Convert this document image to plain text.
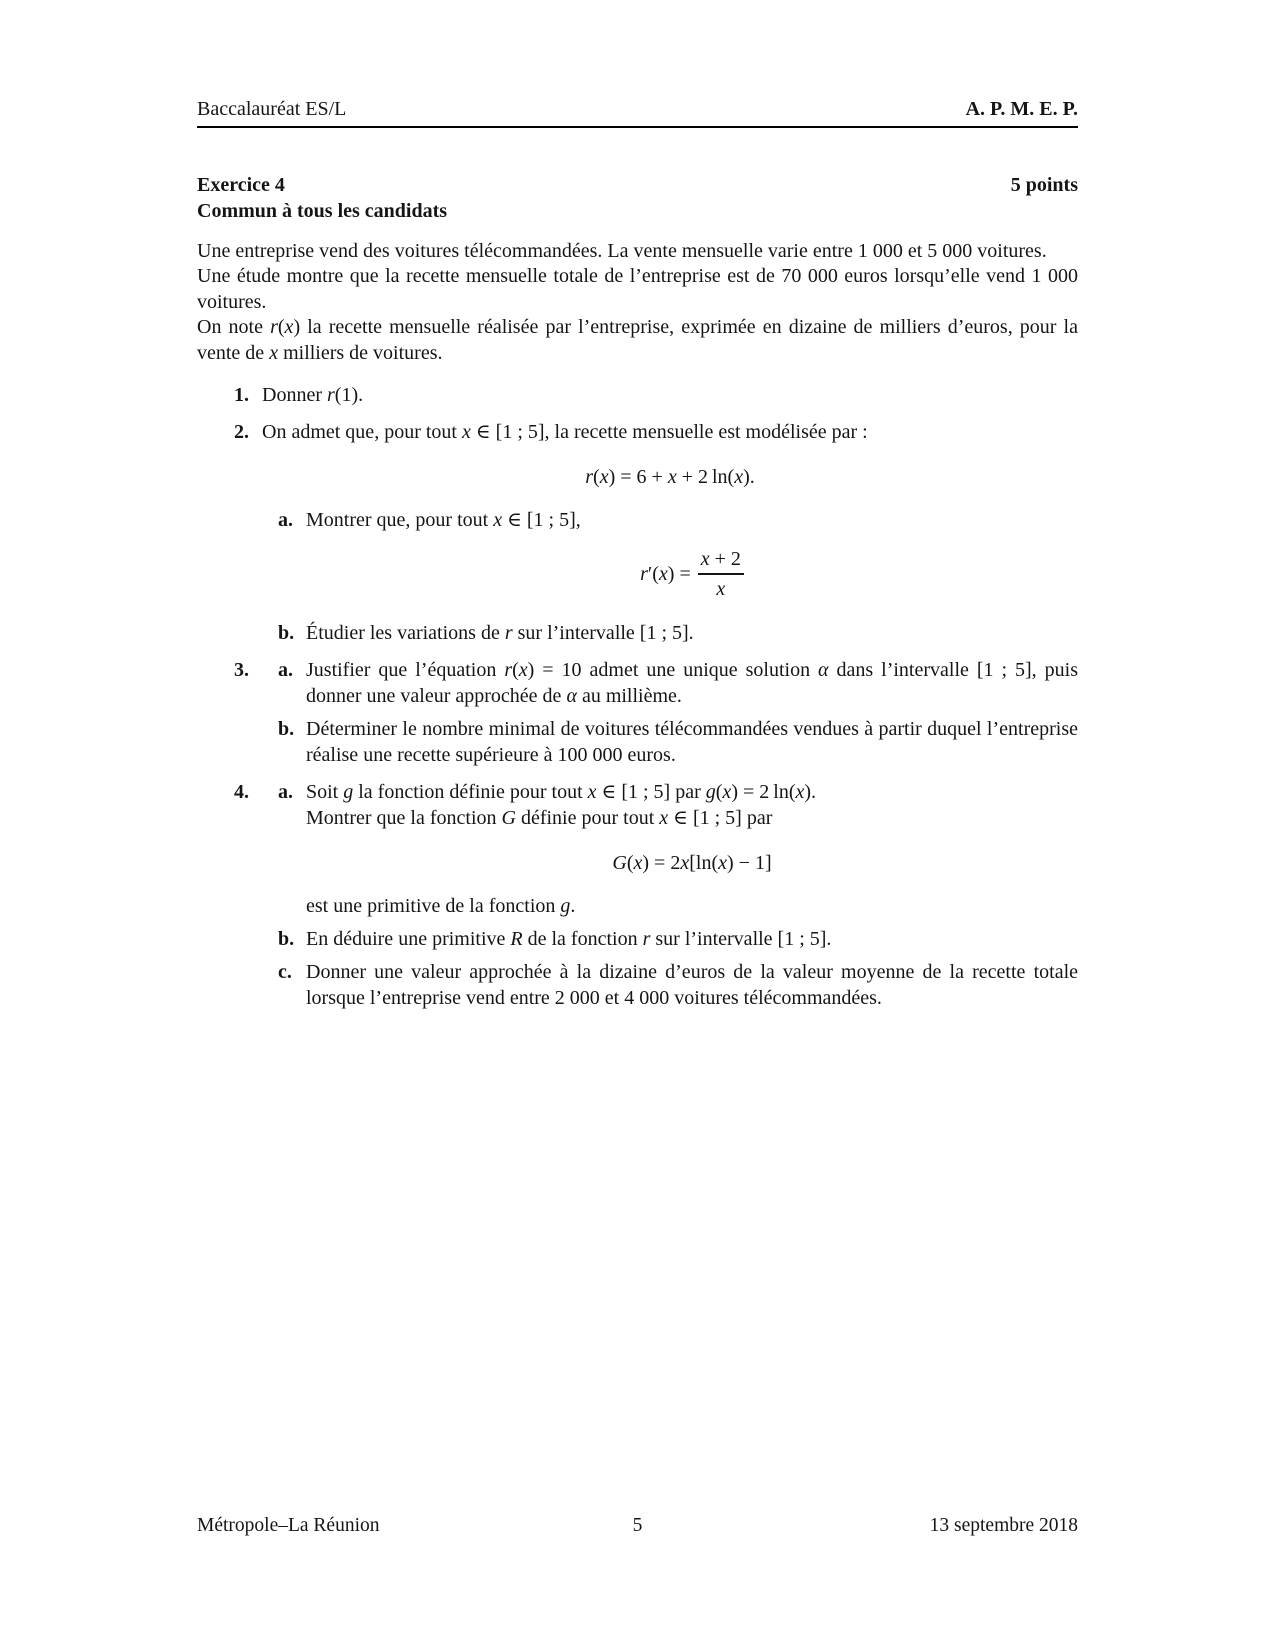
Baccalauréat ES/L	A. P. M. E. P.
Exercice 4	5 points
Commun à tous les candidats
Une entreprise vend des voitures télécommandées. La vente mensuelle varie entre 1 000 et 5 000 voitures.
Une étude montre que la recette mensuelle totale de l’entreprise est de 70 000 euros lorsqu’elle vend 1 000 voitures.
On note r(x) la recette mensuelle réalisée par l’entreprise, exprimée en dizaine de milliers d’euros, pour la vente de x milliers de voitures.
1. Donner r(1).
2. On admet que, pour tout x ∈ [1 ; 5], la recette mensuelle est modélisée par :
r(x) = 6 + x + 2 ln(x).
a. Montrer que, pour tout x ∈ [1 ; 5],
$r'(x) = \frac{x + 2}{x}$
b. Étudier les variations de r sur l’intervalle [1 ; 5].
3.	a. Justifier que l’équation r(x) = 10 admet une unique solution α dans l’intervalle [1 ; 5], puis donner une valeur approchée de α au millième.
b. Déterminer le nombre minimal de voitures télécommandées vendues à partir duquel l’entreprise réalise une recette supérieure à 100 000 euros.
4.	a. Soit g la fonction définie pour tout x ∈ [1 ; 5] par g(x) = 2 ln(x).
Montrer que la fonction G définie pour tout x ∈ [1 ; 5] par
G(x) = 2x[ln(x) − 1]
est une primitive de la fonction g.
b. En déduire une primitive R de la fonction r sur l’intervalle [1 ; 5].
c. Donner une valeur approchée à la dizaine d’euros de la valeur moyenne de la recette totale lorsque l’entreprise vend entre 2 000 et 4 000 voitures télécommandées.
Métropole–La Réunion	5	13 septembre 2018
